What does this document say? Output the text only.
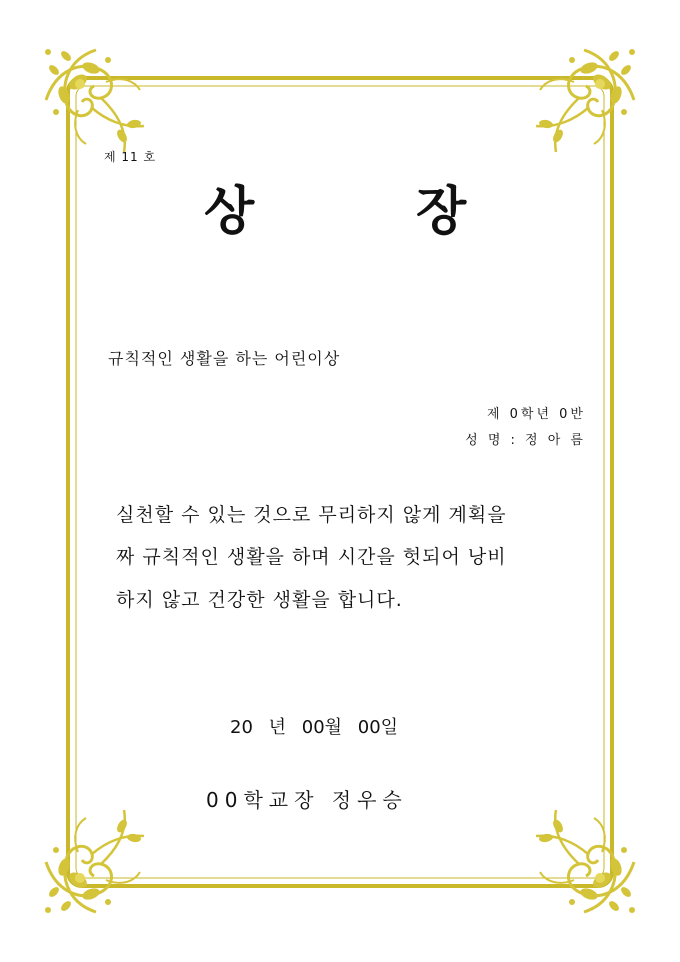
제 11 호
상	장
규칙적인 생활을 하는 어린이상
제 0학년 0반
성 명 : 정 아 름
실천할 수 있는 것으로 무리하지 않게 계획을
짜 규칙적인 생활을 하며 시간을 헛되어 낭비
하지 않고 건강한 생활을 합니다.
20 년 00월 00일
00학교장 정우승
